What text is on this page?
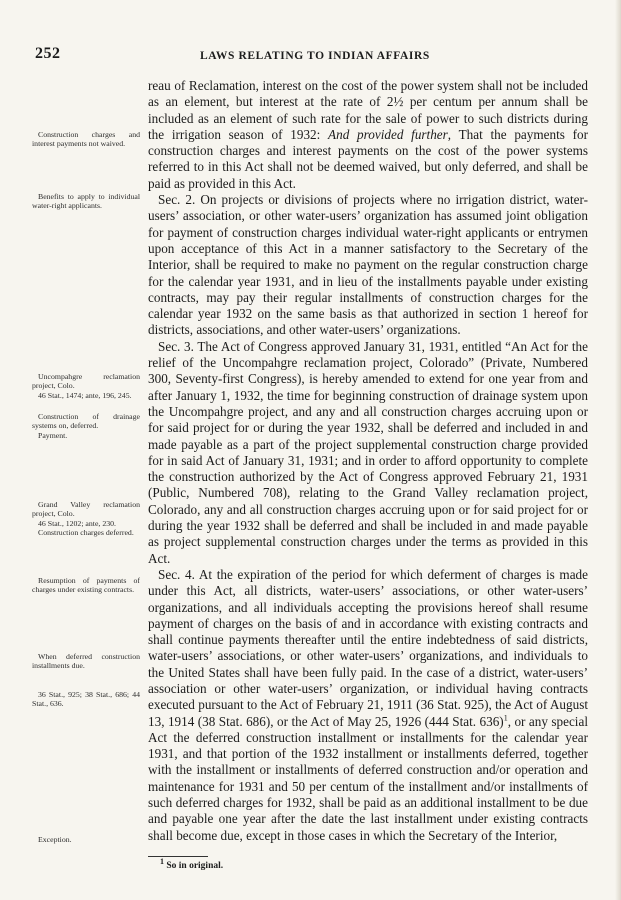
252	LAWS RELATING TO INDIAN AFFAIRS
Construction charges and interest payments not waived.
Benefits to apply to individual water-right applicants.
Uncompahgre reclamation project, Colo.
46 Stat., 1474; ante, 196, 245.
Construction of drainage systems on, deferred.
Payment.
Grand Valley reclamation project, Colo.
46 Stat., 1202; ante, 230.
Construction charges deferred.
Resumption of payments of charges under existing contracts.
When deferred construction installments due.
36 Stat., 925; 38 Stat., 686; 44 Stat., 636.
Exception.

reau of Reclamation, interest on the cost of the power system shall not be included as an element, but interest at the rate of 2½ per centum per annum shall be included as an element of such rate for the sale of power to such districts during the irrigation season of 1932: And provided further, That the payments for construction charges and interest payments on the cost of the power systems referred to in this Act shall not be deemed waived, but only deferred, and shall be paid as provided in this Act.

Sec. 2. On projects or divisions of projects where no irrigation district, water-users’ association, or other water-users’ organization has assumed joint obligation for payment of construction charges individual water-right applicants or entrymen upon acceptance of this Act in a manner satisfactory to the Secretary of the Interior, shall be required to make no payment on the regular construction charge for the calendar year 1931, and in lieu of the installments payable under existing contracts, may pay their regular installments of construction charges for the calendar year 1932 on the same basis as that authorized in section 1 hereof for districts, associations, and other water-users’ organizations.

Sec. 3. The Act of Congress approved January 31, 1931, entitled “An Act for the relief of the Uncompahgre reclamation project, Colorado” (Private, Numbered 300, Seventy-first Congress), is hereby amended to extend for one year from and after January 1, 1932, the time for beginning construction of drainage system upon the Uncompahgre project, and any and all construction charges accruing upon or for said project for or during the year 1932, shall be deferred and included in and made payable as a part of the project supplemental construction charge provided for in said Act of January 31, 1931; and in order to afford opportunity to complete the construction authorized by the Act of Congress approved February 21, 1931 (Public, Numbered 708), relating to the Grand Valley reclamation project, Colorado, any and all construction charges accruing upon or for said project for or during the year 1932 shall be deferred and shall be included in and made payable as project supplemental construction charges under the terms as provided in this Act.

Sec. 4. At the expiration of the period for which deferment of charges is made under this Act, all districts, water-users’ associations, or other water-users’ organizations, and all individuals accepting the provisions hereof shall resume payment of charges on the basis of and in accordance with existing contracts and shall continue payments thereafter until the entire indebtedness of said districts, water-users’ associations, or other water-users’ organizations, and individuals to the United States shall have been fully paid. In the case of a district, water-users’ association or other water-users’ organization, or individual having contracts executed pursuant to the Act of February 21, 1911 (36 Stat. 925), the Act of August 13, 1914 (38 Stat. 686), or the Act of May 25, 1926 (444 Stat. 636)$^1$, or any special Act the deferred construction installment or installments for the calendar year 1931, and that portion of the 1932 installment or installments deferred, together with the installment or installments of deferred construction and/or operation and maintenance for 1931 and 50 per centum of the installment and/or installments of such deferred charges for 1932, shall be paid as an additional installment to be due and payable one year after the date the last installment under existing contracts shall become due, except in those cases in which the Secretary of the Interior,

$^1$ So in original.
